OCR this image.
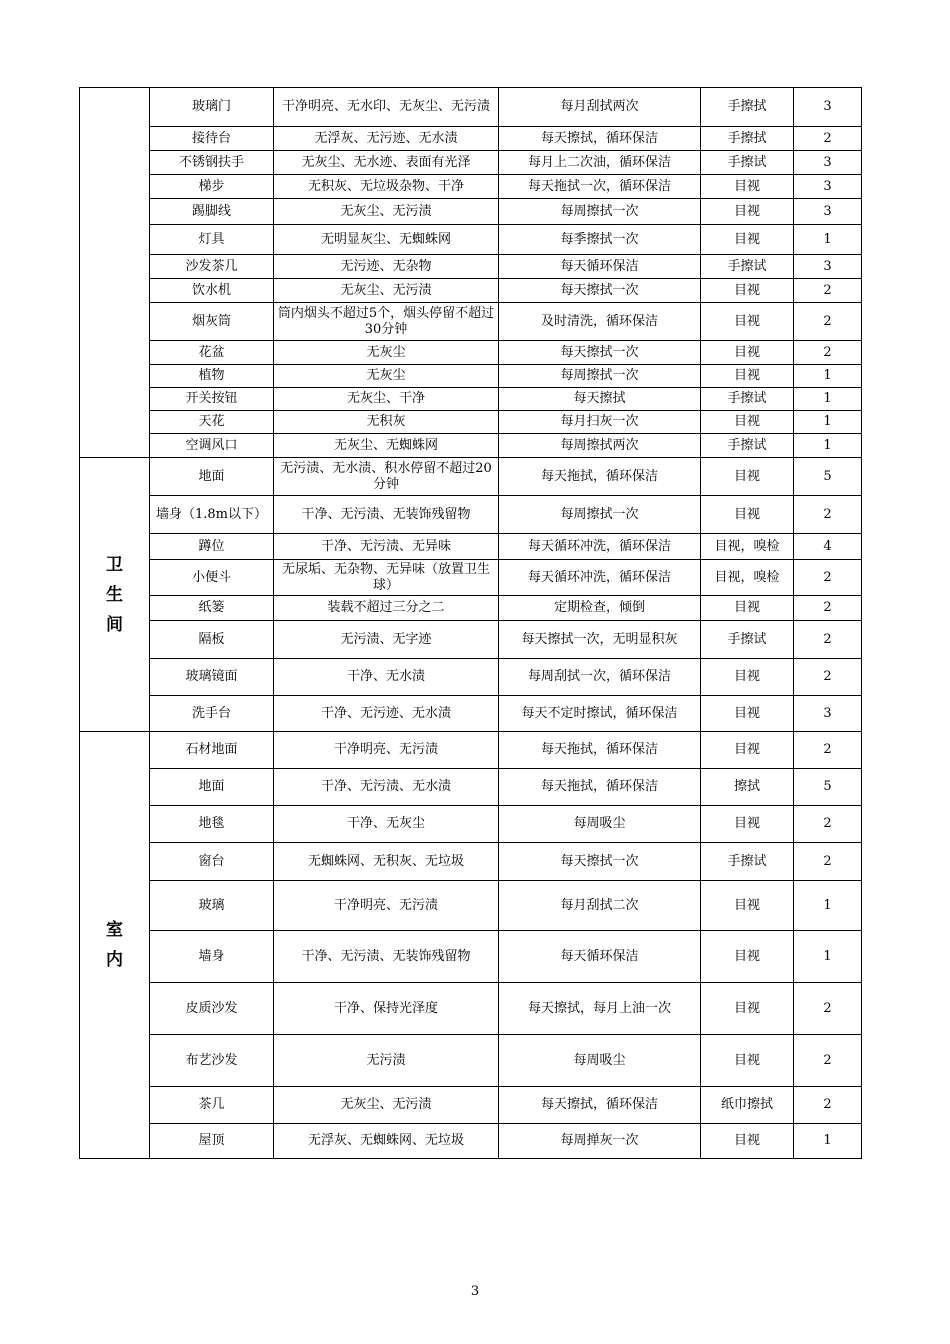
	玻璃门	干净明亮、无水印、无灰尘、无污渍	每月刮拭两次	手擦拭	3
	接待台	无浮灰、无污迹、无水渍	每天擦拭，循环保洁	手擦拭	2
	不锈钢扶手	无灰尘、无水迹、表面有光泽	每月上二次油，循环保洁	手擦试	3
	梯步	无积灰、无垃圾杂物、干净	每天拖拭一次，循环保洁	目视	3
	踢脚线	无灰尘、无污渍	每周擦拭一次	目视	3
	灯具	无明显灰尘、无蜘蛛网	每季擦拭一次	目视	1
	沙发茶几	无污迹、无杂物	每天循环保洁	手擦试	3
	饮水机	无灰尘、无污渍	每天擦拭一次	目视	2
	烟灰筒	筒内烟头不超过5个，烟头停留不超过30分钟	及时清洗，循环保洁	目视	2
	花盆	无灰尘	每天擦拭一次	目视	2
	植物	无灰尘	每周擦拭一次	目视	1
	开关按钮	无灰尘、干净	每天擦拭	手擦试	1
	天花	无积灰	每月扫灰一次	目视	1
	空调风口	无灰尘、无蜘蛛网	每周擦拭两次	手擦试	1

卫
生
间	地面	无污渍、无水渍、积水停留不超过20分钟	每天拖拭，循环保洁	目视	5
	墙身（1.8m以下）	干净、无污渍、无装饰残留物	每周擦拭一次	目视	2
	蹲位	干净、无污渍、无异味	每天循环冲洗，循环保洁	目视，嗅检	4
	小便斗	无尿垢、无杂物、无异味（放置卫生球）	每天循环冲洗，循环保洁	目视，嗅检	2
	纸篓	装载不超过三分之二	定期检查，倾倒	目视	2
	隔板	无污渍、无字迹	每天擦拭一次，无明显积灰	手擦试	2
	玻璃镜面	干净、无水渍	每周刮拭一次，循环保洁	目视	2
	洗手台	干净、无污迹、无水渍	每天不定时擦试，循环保洁	目视	3

室
内	石材地面	干净明亮、无污渍	每天拖拭，循环保洁	目视	2
	地面	干净、无污渍、无水渍	每天拖拭，循环保洁	擦拭	5
	地毯	干净、无灰尘	每周吸尘	目视	2
	窗台	无蜘蛛网、无积灰、无垃圾	每天擦拭一次	手擦试	2
	玻璃	干净明亮、无污渍	每月刮拭二次	目视	1
	墙身	干净、无污渍、无装饰残留物	每天循环保洁	目视	1
	皮质沙发	干净、保持光泽度	每天擦拭，每月上油一次	目视	2
	布艺沙发	无污渍	每周吸尘	目视	2
	茶几	无灰尘、无污渍	每天擦拭，循环保洁	纸巾擦拭	2
	屋顶	无浮灰、无蜘蛛网、无垃圾	每周掸灰一次	目视	1
3
